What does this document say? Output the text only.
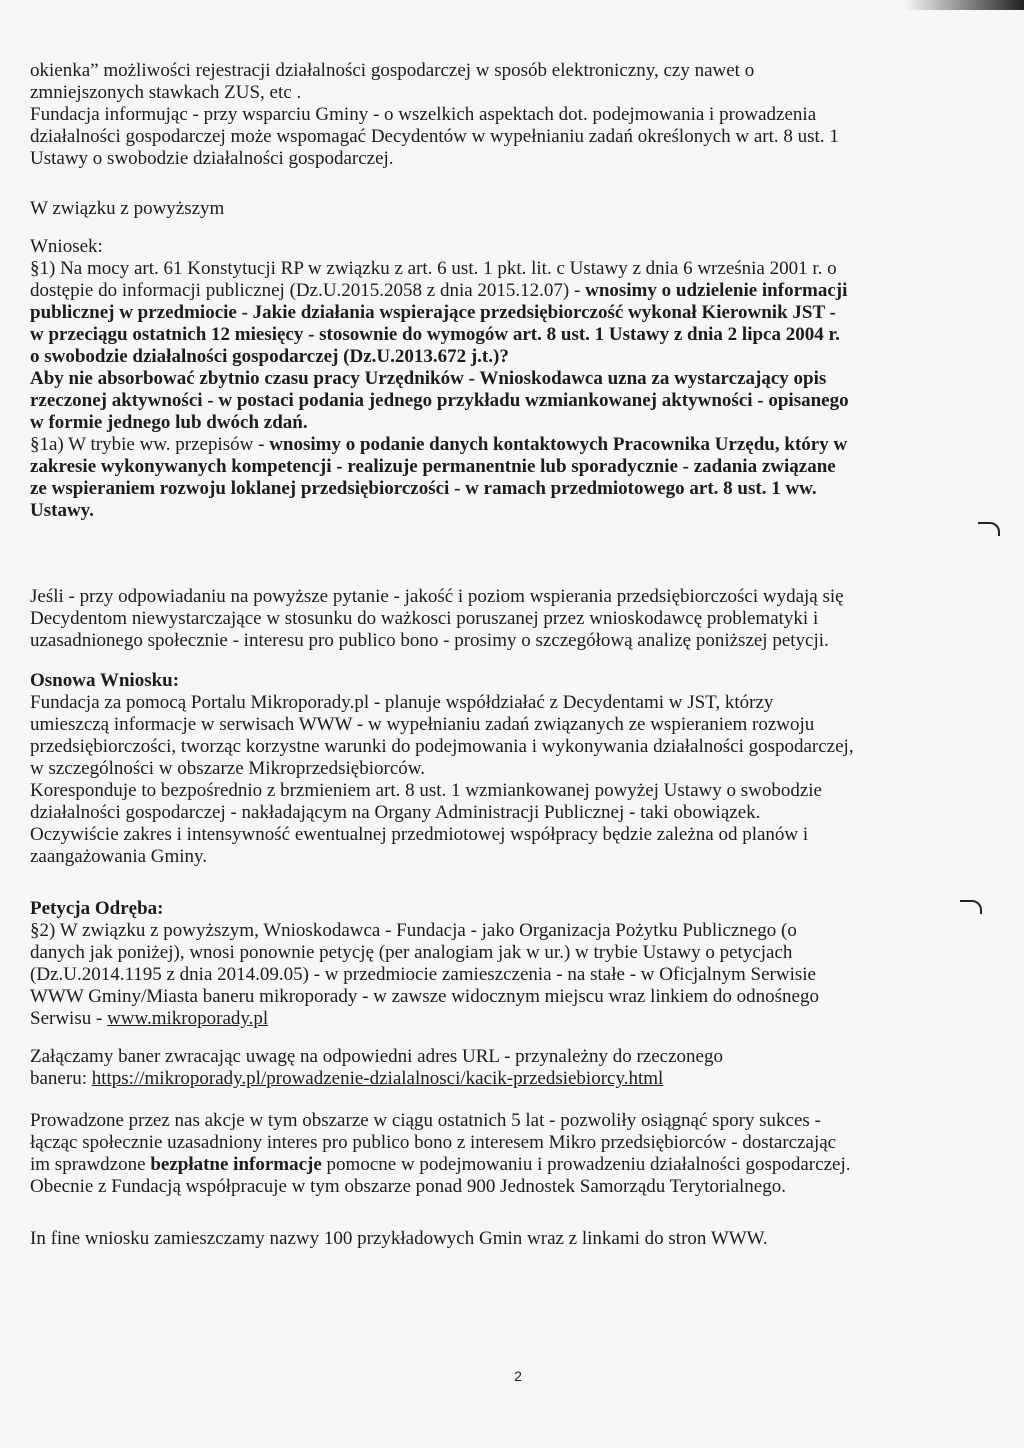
okienka” możliwości rejestracji działalności gospodarczej w sposób elektroniczny, czy nawet o
zmniejszonych stawkach ZUS, etc .
Fundacja informując - przy wsparciu Gminy - o wszelkich aspektach dot. podejmowania i prowadzenia
działalności gospodarczej może wspomagać Decydentów w wypełnianiu zadań określonych w art. 8 ust. 1
Ustawy o swobodzie działalności gospodarczej.
W związku z powyższym
Wniosek:
§1) Na mocy art. 61 Konstytucji RP w związku z art. 6 ust. 1 pkt. lit. c Ustawy z dnia 6 września 2001 r. o
dostępie do informacji publicznej (Dz.U.2015.2058 z dnia 2015.12.07) - wnosimy o udzielenie informacji
publicznej w przedmiocie - Jakie działania wspierające przedsiębiorczość wykonał Kierownik JST -
w przeciągu ostatnich 12 miesięcy - stosownie do wymogów art. 8 ust. 1 Ustawy z dnia 2 lipca 2004 r.
o swobodzie działalności gospodarczej (Dz.U.2013.672 j.t.)?
Aby nie absorbować zbytnio czasu pracy Urzędników - Wnioskodawca uzna za wystarczający opis
rzeczonej aktywności - w postaci podania jednego przykładu wzmiankowanej aktywności - opisanego
w formie jednego lub dwóch zdań.
§1a) W trybie ww. przepisów - wnosimy o podanie danych kontaktowych Pracownika Urzędu, który w
zakresie wykonywanych kompetencji - realizuje permanentnie lub sporadycznie - zadania związane
ze wspieraniem rozwoju loklanej przedsiębiorczości - w ramach przedmiotowego art. 8 ust. 1 ww.
Ustawy.
Jeśli - przy odpowiadaniu na powyższe pytanie - jakość i poziom wspierania przedsiębiorczości wydają się
Decydentom niewystarczające w stosunku do ważkosci poruszanej przez wnioskodawcę problematyki i
uzasadnionego społecznie - interesu pro publico bono - prosimy o szczegółową analizę poniższej petycji.
Osnowa Wniosku:
Fundacja za pomocą Portalu Mikroporady.pl - planuje współdziałać z Decydentami w JST, którzy
umieszczą informacje w serwisach WWW - w wypełnianiu zadań związanych ze wspieraniem rozwoju
przedsiębiorczości, tworząc korzystne warunki do podejmowania i wykonywania działalności gospodarczej,
w szczególności w obszarze Mikroprzedsiębiorców.
Koresponduje to bezpośrednio z brzmieniem art. 8 ust. 1 wzmiankowanej powyżej Ustawy o swobodzie
działalności gospodarczej - nakładającym na Organy Administracji Publicznej - taki obowiązek.
Oczywiście zakres i intensywność ewentualnej przedmiotowej współpracy będzie zależna od planów i
zaangażowania Gminy.
Petycja Odręba:
§2) W związku z powyższym, Wnioskodawca - Fundacja - jako Organizacja Pożytku Publicznego (o
danych jak poniżej), wnosi ponownie petycję (per analogiam jak w ur.) w trybie Ustawy o petycjach
(Dz.U.2014.1195 z dnia 2014.09.05) - w przedmiocie zamieszczenia - na stałe - w Oficjalnym Serwisie
WWW Gminy/Miasta baneru mikroporady - w zawsze widocznym miejscu wraz linkiem do odnośnego
Serwisu - www.mikroporady.pl
Załączamy baner zwracając uwagę na odpowiedni adres URL - przynależny do rzeczonego
baneru: https://mikroporady.pl/prowadzenie-dzialalnosci/kacik-przedsiebiorcy.html
Prowadzone przez nas akcje w tym obszarze w ciągu ostatnich 5 lat - pozwoliły osiągnąć spory sukces -
łącząc społecznie uzasadniony interes pro publico bono z interesem Mikro przedsiębiorców - dostarczając
im sprawdzone bezpłatne informacje pomocne w podejmowaniu i prowadzeniu działalności gospodarczej.
Obecnie z Fundacją współpracuje w tym obszarze ponad 900 Jednostek Samorządu Terytorialnego.
In fine wniosku zamieszczamy nazwy 100 przykładowych Gmin wraz z linkami do stron WWW.
2
